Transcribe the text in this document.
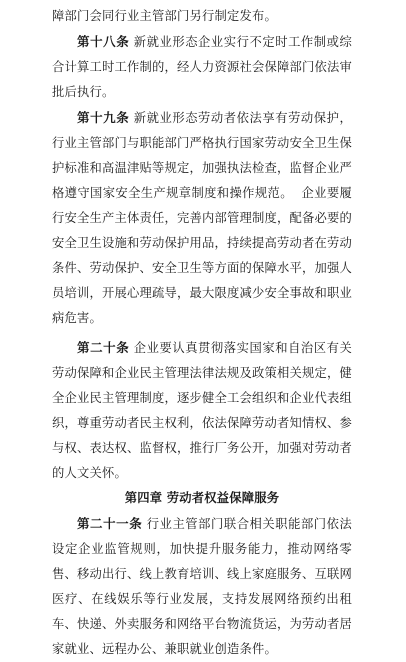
障部门会同行业主管部门另行制定发布。

第十八条 新就业形态企业实行不定时工作制或综合计算工时工作制的，经人力资源社会保障部门依法审批后执行。

第十九条 新就业形态劳动者依法享有劳动保护，行业主管部门与职能部门严格执行国家劳动安全卫生保护标准和高温津贴等规定，加强执法检查，监督企业严格遵守国家安全生产规章制度和操作规范。 企业要履行安全生产主体责任，完善内部管理制度，配备必要的安全卫生设施和劳动保护用品，持续提高劳动者在劳动条件、劳动保护、安全卫生等方面的保障水平，加强人员培训，开展心理疏导，最大限度减少安全事故和职业病危害。

第二十条 企业要认真贯彻落实国家和自治区有关劳动保障和企业民主管理法律法规及政策相关规定，健全企业民主管理制度，逐步健全工会组织和企业代表组织，尊重劳动者民主权利，依法保障劳动者知情权、参与权、表达权、监督权，推行厂务公开，加强对劳动者的人文关怀。

第四章 劳动者权益保障服务

第二十一条 行业主管部门联合相关职能部门依法设定企业监管规则，加快提升服务能力，推动网络零售、移动出行、线上教育培训、线上家庭服务、互联网医疗、在线娱乐等行业发展，支持发展网络预约出租车、快递、外卖服务和网络平台物流货运，为劳动者居家就业、远程办公、兼职就业创造条件。
